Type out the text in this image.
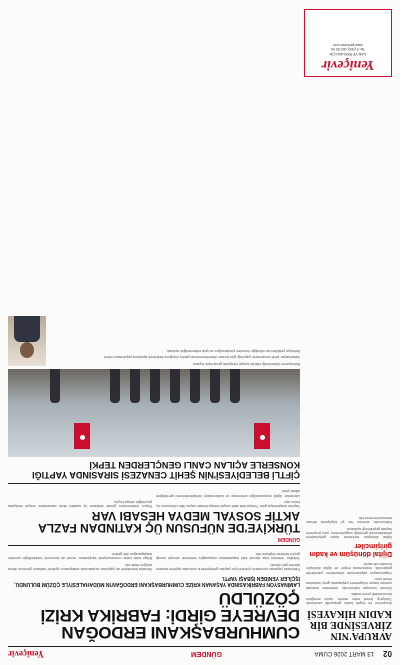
02
13 MART 2026 CUMA
GÜNDEM
Yeniçevir
AVRUPA'NIN ZİRVESİNDE BİR KADIN HİKAYESİ

Avrupa'nın en büyük kadın girişimcilik zirvesinde Türkiye'yi temsil eden isimler, kadın emeğinin ekonomideki yerini anlattı.

Zirvede konuşan katılımcılar, üretimden ihracata uzanan başarı hikayelerini paylaşarak genç kadınlara örnek oldu.

Organizasyon kapsamında düzenlenen panellerde girişimcilik, finansmana erişim ve dijital dönüşüm konuları ele alındı.

Dijital dönüşüm ve kadın girişimciler

Dijital dönüşüm sürecinde kadın girişimcilerin desteklenmesi gerektiği vurgulanırken, yeni projelerin hayata geçirileceği açıklandı.

Katılımcılar, zirvenin her yıl büyüyerek devam etmesini temenni etti.

Yeniçevir
İLAN VE REKLAM İÇİN
Tel: 0 (000) 000 00 00
www.yenicevir.com
CUMHURBAŞKANI ERDOĞAN DEVREYE GİRDİ: FABRİKA KRİZİ ÇÖZÜLDÜ
LAMİNASYON FABRİKASINDA YAŞANAN KRİZE CUMHURBAŞKANI ERDOĞAN'IN MÜDAHALESİYLE ÇÖZÜM BULUNDU, İŞÇİLER YENİDEN İŞBAŞI YAPTI.

Fabrikada yaşanan sorunların çözümü için yapılan görüşmelerin ardından işçilerin tamamı işlerine geri döndü.

Yetkililer, üretimin kısa sürede eski kapasitesine ulaşacağını belirterek süreçte emeği geçen herkese teşekkür etti.

Sendika temsilcileri de yaptıkları açıklamada anlaşmanın işçilerin haklarını güvence altına aldığını ifade etti.

Bölge halkı kararı memnuniyetle karşılarken, esnaf da ekonomik hareketliliğin yeniden başlayacağını dile getirdi.

GÜNDEM
TÜRKİYE'DE NÜFUSUN ÜÇ KATINDAN FAZLA AKTİF SOSYAL MEDYA HESABI VAR

Yapılan araştırmaya göre Türkiye'deki aktif sosyal medya hesabı sayısı ülke nüfusunun üç katını aştı.

Uzmanlar, dijital okuryazarlığın artırılması ve kullanıcıların bilinçlendirilmesi gerektiğine dikkat çekti.

Rapor, kullanıcıların günde ortalama üç saatten fazla zamanlarını sosyal medyada geçirdiğini ortaya koydu.

ÇİFTLİ BELEDİYESİ'NİN ŞEHİT CENAZESİ SIRASINDA YAPTIĞI KONSERLE AÇILAN CANLI GENÇLERDEN TEPKİ

Belediyenin düzenlediği etkinlik sosyal medyada geniş tepki topladı.

Vatandaşlar, şehit cenazesinin yapıldığı gün konser düzenlenmesinin yanlış olduğunu belirterek açıklama yapılmasını istedi.

Belediye yetkilileri ise etkinliğin önceden planlandığını ve iptal edilemediğini açıkladı.
